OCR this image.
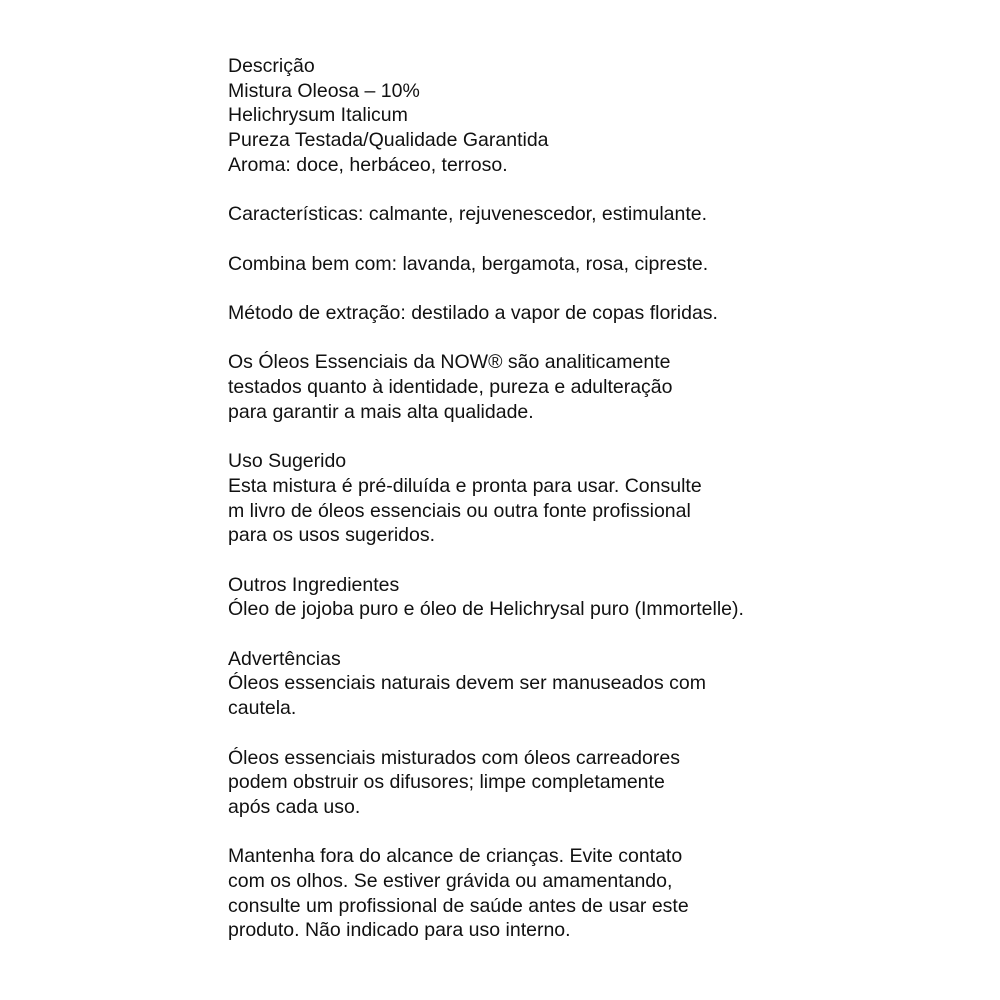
Descrição
Mistura Oleosa – 10%
Helichrysum Italicum
Pureza Testada/Qualidade Garantida
Aroma: doce, herbáceo, terroso.
Características: calmante, rejuvenescedor, estimulante.
Combina bem com: lavanda, bergamota, rosa, cipreste.
Método de extração: destilado a vapor de copas floridas.
Os Óleos Essenciais da NOW® são analiticamente
testados quanto à identidade, pureza e adulteração
para garantir a mais alta qualidade.
Uso Sugerido
Esta mistura é pré-diluída e pronta para usar. Consulte
m livro de óleos essenciais ou outra fonte profissional
para os usos sugeridos.
Outros Ingredientes
Óleo de jojoba puro e óleo de Helichrysal puro (Immortelle).
Advertências
Óleos essenciais naturais devem ser manuseados com
cautela.
Óleos essenciais misturados com óleos carreadores
podem obstruir os difusores; limpe completamente
após cada uso.
Mantenha fora do alcance de crianças. Evite contato
com os olhos. Se estiver grávida ou amamentando,
consulte um profissional de saúde antes de usar este
produto. Não indicado para uso interno.
